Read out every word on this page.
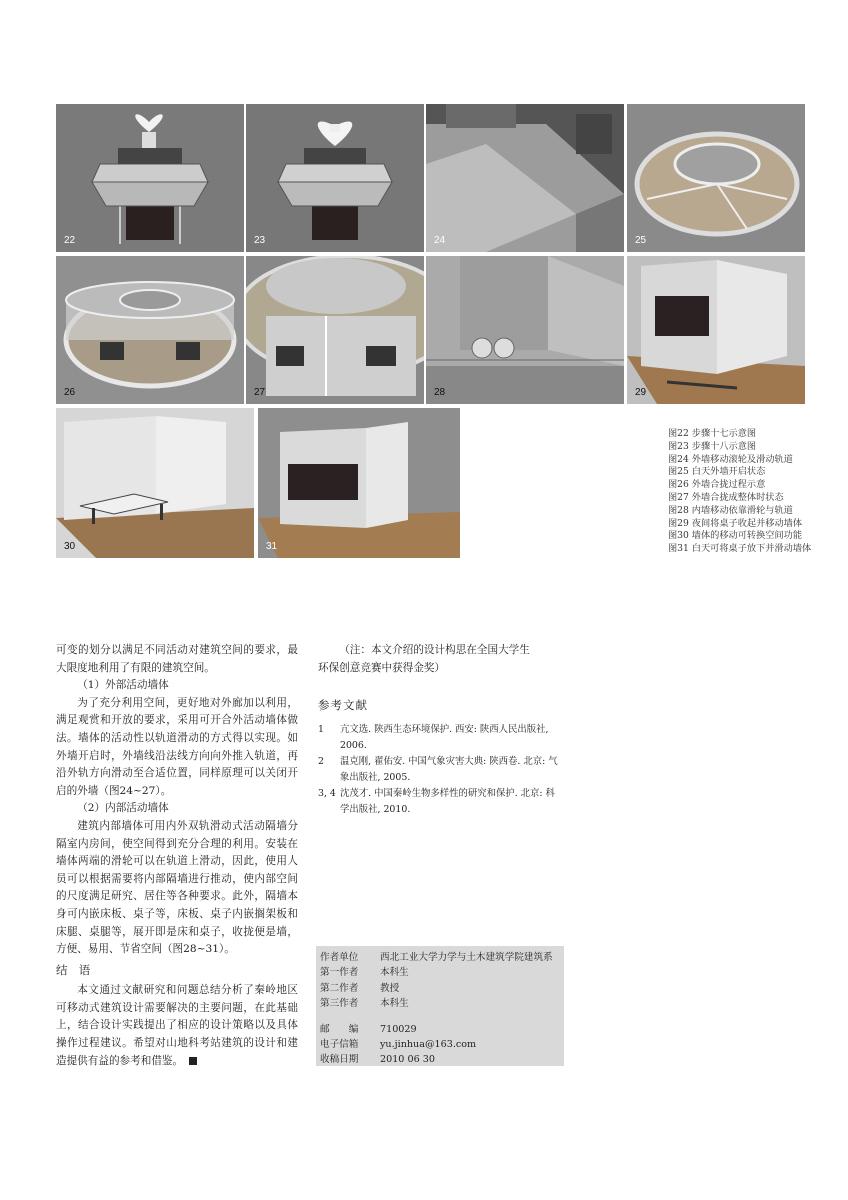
22	23	24	25
26	27	28	29
30	31
图22 步骤十七示意图
图23 步骤十八示意图
图24 外墙移动滚轮及滑动轨道
图25 白天外墙开启状态
图26 外墙合拢过程示意
图27 外墙合拢成整体时状态
图28 内墙移动依靠滑轮与轨道
图29 夜间将桌子收起并移动墙体
图30 墙体的移动可转换空间功能
图31 白天可将桌子放下并滑动墙体

可变的划分以满足不同活动对建筑空间的要求，最大限度地利用了有限的建筑空间。

（1）外部活动墙体

为了充分利用空间，更好地对外廊加以利用，满足观赏和开放的要求，采用可开合外活动墙体做法。墙体的活动性以轨道滑动的方式得以实现。如外墙开启时，外墙线沿法线方向向外推入轨道，再沿外轨方向滑动至合适位置，同样原理可以关闭开启的外墙（图24~27）。

（2）内部活动墙体

建筑内部墙体可用内外双轨滑动式活动隔墙分隔室内房间，使空间得到充分合理的利用。安装在墙体两端的滑轮可以在轨道上滑动，因此，使用人员可以根据需要将内部隔墙进行推动，使内部空间的尺度满足研究、居住等各种要求。此外，隔墙本身可内嵌床板、桌子等，床板、桌子内嵌搁架板和床腿、桌腿等，展开即是床和桌子，收拢便是墙，方便、易用、节省空间（图28~31）。

结 语

本文通过文献研究和问题总结分析了秦岭地区可移动式建筑设计需要解决的主要问题，在此基础上，结合设计实践提出了相应的设计策略以及具体操作过程建议。希望对山地科考站建筑的设计和建造提供有益的参考和借鉴。

（注：本文介绍的设计构思在全国大学生环保创意竞赛中获得金奖）
参考文献
1	亢文选. 陕西生态环境保护. 西安: 陕西人民出版社, 2006.
2	温克刚, 翟佑安. 中国气象灾害大典: 陕西卷. 北京: 气象出版社, 2005.
3, 4 沈茂才. 中国秦岭生物多样性的研究和保护. 北京: 科学出版社, 2010.
作者单位	西北工业大学力学与土木建筑学院建筑系
第一作者	本科生
第二作者	教授
第三作者	本科生
邮　　编	710029
电子信箱	yu.jinhua@163.com
收稿日期	2010 06 30
